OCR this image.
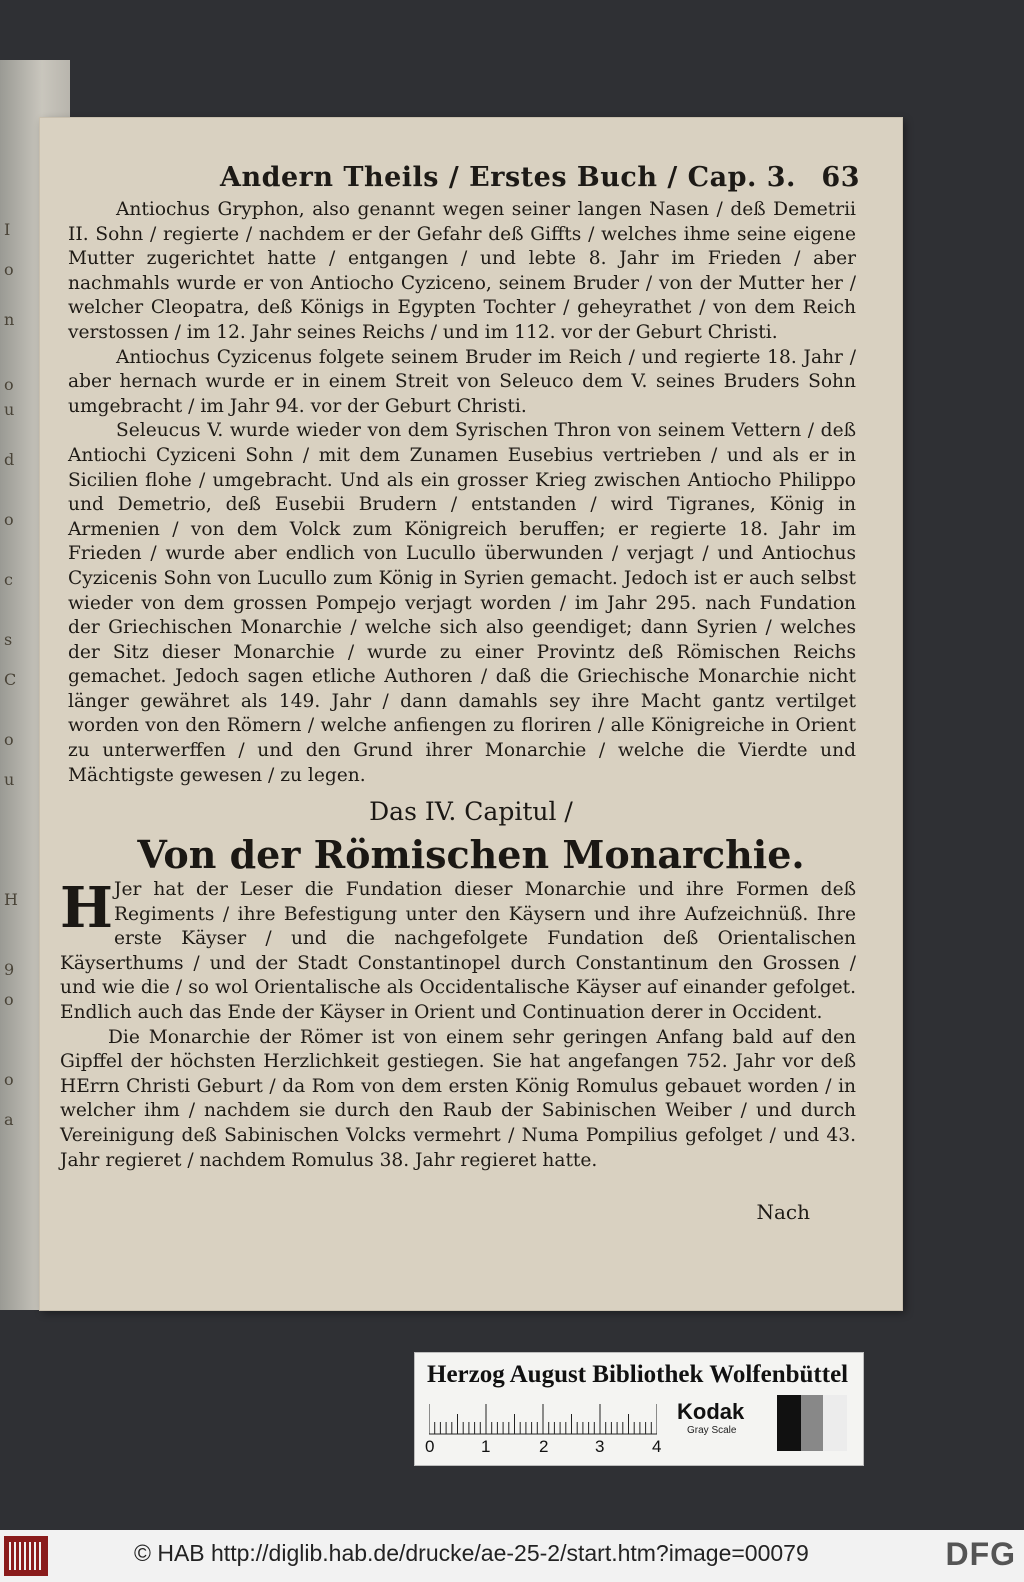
I
o
n
o
u
d
o
c
s
C
o
u
H
9
o
o
a
Andern Theils / Erstes Buch / Cap. 3. 63

Antiochus Gryphon, also genannt wegen seiner langen Nasen / deß Demetrii II. Sohn / regierte / nachdem er der Gefahr deß Giffts / welches ihme seine eigene Mutter zugerichtet hatte / entgangen / und lebte 8. Jahr im Frieden / aber nachmahls wurde er von Antiocho Cyziceno, seinem Bruder / von der Mutter her / welcher Cleopatra, deß Königs in Egypten Tochter / geheyrathet / von dem Reich verstossen / im 12. Jahr seines Reichs / und im 112. vor der Geburt Christi.

Antiochus Cyzicenus folgete seinem Bruder im Reich / und regierte 18. Jahr / aber hernach wurde er in einem Streit von Seleuco dem V. seines Bruders Sohn umgebracht / im Jahr 94. vor der Geburt Christi.

Seleucus V. wurde wieder von dem Syrischen Thron von seinem Vettern / deß Antiochi Cyziceni Sohn / mit dem Zunamen Eusebius vertrieben / und als er in Sicilien flohe / umgebracht. Und als ein grosser Krieg zwischen Antiocho Philippo und Demetrio, deß Eusebii Brudern / entstanden / wird Tigranes, König in Armenien / von dem Volck zum Königreich beruffen; er regierte 18. Jahr im Frieden / wurde aber endlich von Lucullo überwunden / verjagt / und Antiochus Cyzicenis Sohn von Lucullo zum König in Syrien gemacht. Jedoch ist er auch selbst wieder von dem grossen Pompejo verjagt worden / im Jahr 295. nach Fundation der Griechischen Monarchie / welche sich also geendiget; dann Syrien / welches der Sitz dieser Monarchie / wurde zu einer Provintz deß Römischen Reichs gemachet. Jedoch sagen etliche Authoren / daß die Griechische Monarchie nicht länger gewähret als 149. Jahr / dann damahls sey ihre Macht gantz vertilget worden von den Römern / welche anfiengen zu floriren / alle Königreiche in Orient zu unterwerffen / und den Grund ihrer Monarchie / welche die Vierdte und Mächtigste gewesen / zu legen.

Das IV. Capitul /
Von der Römischen Monarchie.
H Jer hat der Leser die Fundation dieser Monarchie und ihre Formen deß Regiments / ihre Befestigung unter den Käysern und ihre Aufzeichnüß. Ihre erste Käyser / und die nachgefolgete Fundation deß Orientalischen Käyserthums / und der Stadt Constantinopel durch Constantinum den Grossen / und wie die / so wol Orientalische als Occidentalische Käyser auf einander gefolget. Endlich auch das Ende der Käyser in Orient und Continuation derer in Occident.

Die Monarchie der Römer ist von einem sehr geringen Anfang bald auf den Gipffel der höchsten Herzlichkeit gestiegen. Sie hat angefangen 752. Jahr vor deß HErrn Christi Geburt / da Rom von dem ersten König Romulus gebauet worden / in welcher ihm / nachdem sie durch den Raub der Sabinischen Weiber / und durch Vereinigung deß Sabinischen Volcks vermehrt / Numa Pompilius gefolget / und 43. Jahr regieret / nachdem Romulus 38. Jahr regieret hatte.

Nach
Herzog August Bibliothek Wolfenbüttel
0	1	2	3	4
Kodak
Gray Scale
© HAB http://diglib.hab.de/drucke/ae-25-2/start.htm?image=00079	DFG
